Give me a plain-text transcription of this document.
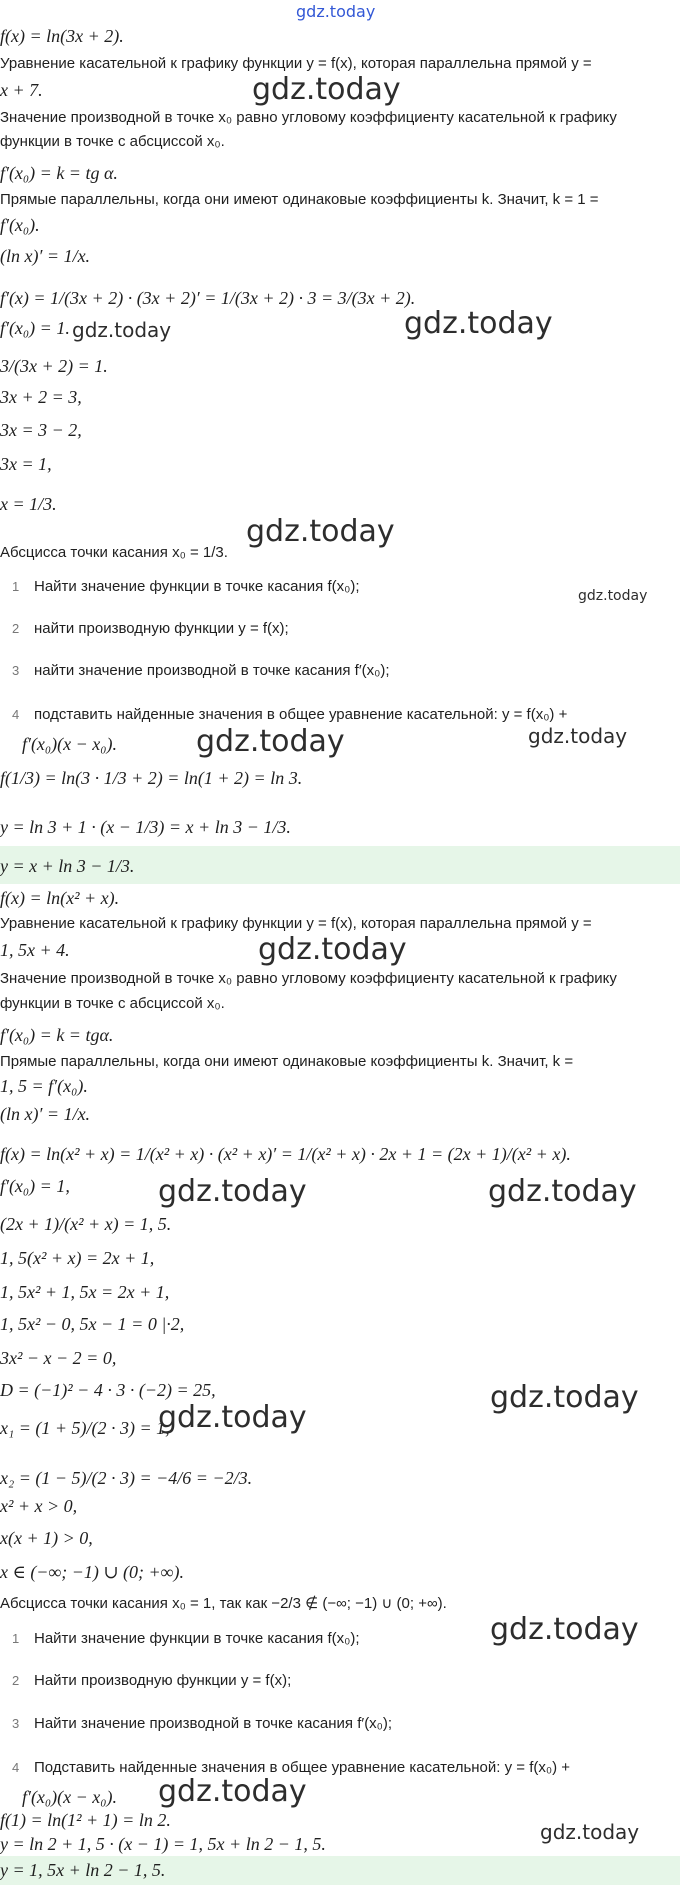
gdz.today
f(x) = ln(3x + 2).
Уравнение касательной к графику функции y = f(x), которая параллельна прямой y =
x + 7.
Значение производной в точке x₀ равно угловому коэффициенту касательной к графику
функции в точке с абсциссой x₀.
f′(x₀) = k = tg α.
Прямые параллельны, когда они имеют одинаковые коэффициенты k. Значит, k = 1 =
f′(x₀).
(ln x)′ = 1/x.
f′(x) = 1/(3x + 2) · (3x + 2)′ = 1/(3x + 2) · 3 = 3/(3x + 2).
f′(x₀) = 1.
3/(3x + 2) = 1.
3x + 2 = 3,
3x = 3 − 2,
3x = 1,
x = 1/3.
Абсцисса точки касания x₀ = 1/3.
1 Найти значение функции в точке касания f(x₀);
2 найти производную функции y = f(x);
3 найти значение производной в точке касания f′(x₀);
4 подставить найденные значения в общее уравнение касательной: y = f(x₀) +
f′(x₀)(x − x₀).
f(1/3) = ln(3 · 1/3 + 2) = ln(1 + 2) = ln 3.
y = ln 3 + 1 · (x − 1/3) = x + ln 3 − 1/3.
y = x + ln 3 − 1/3.
f(x) = ln(x² + x).
Уравнение касательной к графику функции y = f(x), которая параллельна прямой y =
1, 5x + 4.
Значение производной в точке x₀ равно угловому коэффициенту касательной к графику
функции в точке с абсциссой x₀.
f′(x₀) = k = tgα.
Прямые параллельны, когда они имеют одинаковые коэффициенты k. Значит, k =
1, 5 = f′(x₀).
(ln x)′ = 1/x.
f(x) = ln(x² + x) = 1/(x² + x) · (x² + x)′ = 1/(x² + x) · 2x + 1 = (2x + 1)/(x² + x).
f′(x₀) = 1,
(2x + 1)/(x² + x) = 1, 5.
1, 5(x² + x) = 2x + 1,
1, 5x² + 1, 5x = 2x + 1,
1, 5x² − 0, 5x − 1 = 0 |·2,
3x² − x − 2 = 0,
D = (−1)² − 4 · 3 · (−2) = 25,
x₁ = (1 + 5)/(2 · 3) = 1,
x₂ = (1 − 5)/(2 · 3) = −4/6 = −2/3.
x² + x > 0,
x(x + 1) > 0,
x ∈ (−∞; −1) ∪ (0; +∞).
Абсцисса точки касания x₀ = 1, так как −2/3 ∉ (−∞; −1) ∪ (0; +∞).
1 Найти значение функции в точке касания f(x₀);
2 Найти производную функции y = f(x);
3 Найти значение производной в точке касания f′(x₀);
4 Подставить найденные значения в общее уравнение касательной: y = f(x₀) +
f′(x₀)(x − x₀).
f(1) = ln(1² + 1) = ln 2.
y = ln 2 + 1, 5 · (x − 1) = 1, 5x + ln 2 − 1, 5.
y = 1, 5x + ln 2 − 1, 5.
gdz.today
gdz.today
gdz.today
gdz.today
gdz.today
gdz.today	gdz.today
gdz.today
gdz.today	gdz.today
gdz.today
gdz.today
gdz.today
gdz.today
gdz.today
